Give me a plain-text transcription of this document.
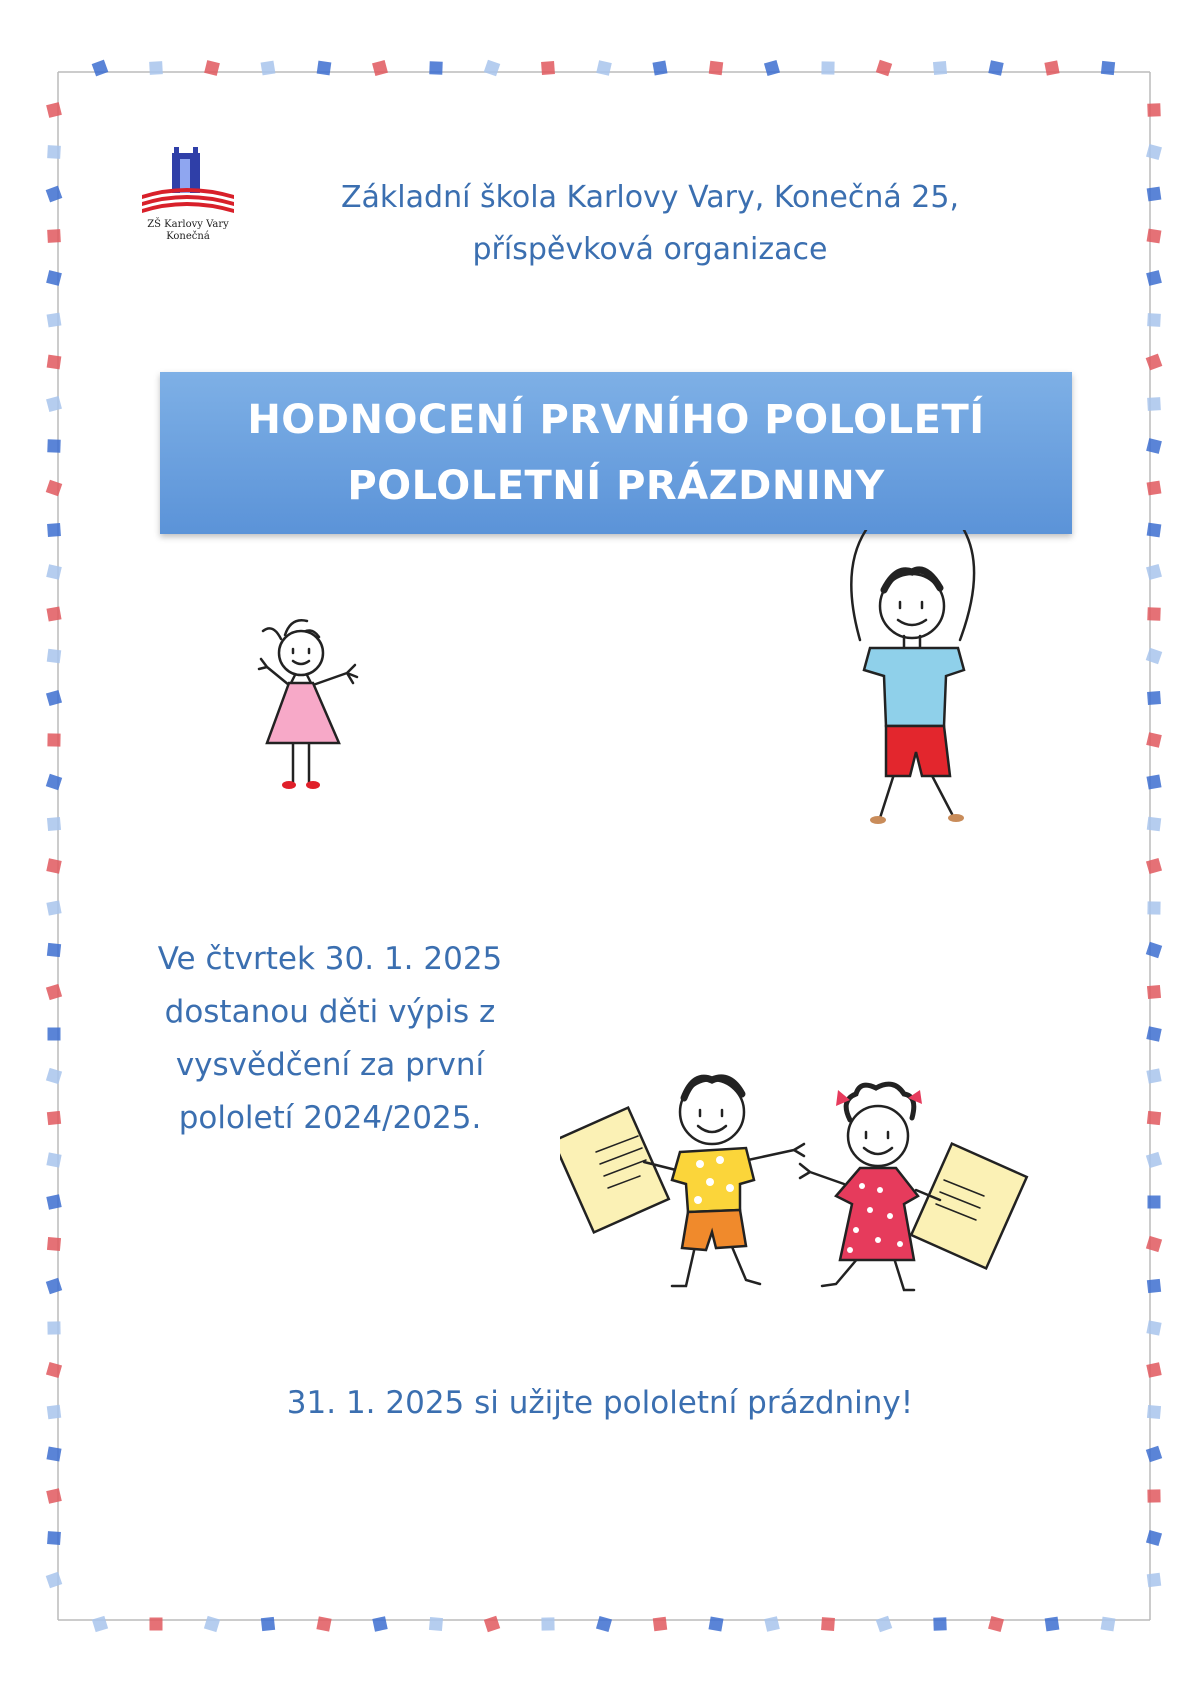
ZŠ Karlovy Vary
Konečná
Základní škola Karlovy Vary, Konečná 25,
příspěvková organizace
HODNOCENÍ PRVNÍHO POLOLETÍ
POLOLETNÍ PRÁZDNINY
Ve čtvrtek 30. 1. 2025
dostanou děti výpis z
vysvědčení za první
pololetí 2024/2025.
31. 1. 2025 si užijte pololetní prázdniny!
